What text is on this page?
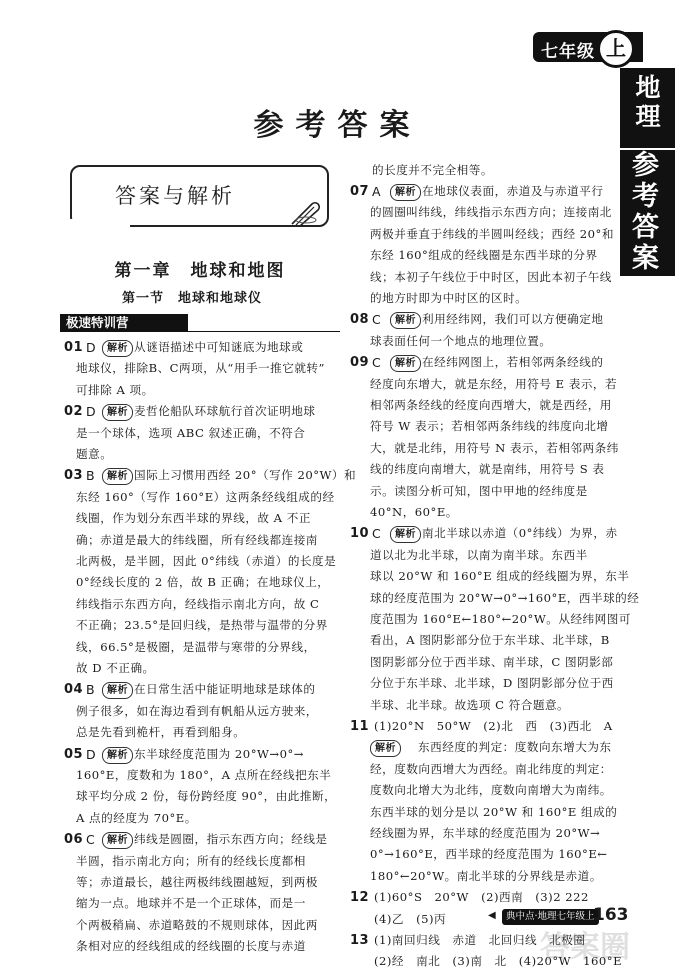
七年级 上
地理
参考答案
参考答案
答案与解析
第一章　地球和地图
第一节　地球和地球仪
极速特训营
01 D	解析 从谜语描述中可知谜底为地球或
地球仪，排除B、C两项，从“用手一推它就转”
可排除 A 项。
02 D	解析 麦哲伦船队环球航行首次证明地球
是一个球体，选项 ABC 叙述正确，不符合
题意。
03 B	解析 国际上习惯用西经 20°（写作 20°W）和
东经 160°（写作 160°E）这两条经线组成的经
线圈，作为划分东西半球的界线，故 A 不正
确；赤道是最大的纬线圈，所有经线都连接南
北两极，是半圆，因此 0°纬线（赤道）的长度是
0°经线长度的 2 倍，故 B 正确；在地球仪上，
纬线指示东西方向，经线指示南北方向，故 C
不正确；23.5°是回归线，是热带与温带的分界
线，66.5°是极圈，是温带与寒带的分界线，
故 D 不正确。
04 B	解析 在日常生活中能证明地球是球体的
例子很多，如在海边看到有帆船从远方驶来，
总是先看到桅杆，再看到船身。
05 D	解析 东半球经度范围为 20°W→0°→
160°E，度数和为 180°，A 点所在经线把东半
球平均分成 2 份，每份跨经度 90°，由此推断，
A 点的经度为 70°E。
06 C	解析 纬线是圆圈，指示东西方向；经线是
半圆，指示南北方向；所有的经线长度都相
等；赤道最长，越往两极纬线圈越短，到两极
缩为一点。地球并不是一个正球体，而是一
个两极稍扁、赤道略鼓的不规则球体，因此两
条相对应的经线组成的经线圈的长度与赤道
的长度并不完全相等。
07 A	解析 在地球仪表面，赤道及与赤道平行
的圆圈叫纬线，纬线指示东西方向；连接南北
两极并垂直于纬线的半圆叫经线；西经 20°和
东经 160°组成的经线圈是东西半球的分界
线；本初子午线位于中时区，因此本初子午线
的地方时即为中时区的区时。
08 C	解析 利用经纬网，我们可以方便确定地
球表面任何一个地点的地理位置。
09 C	解析 在经纬网图上，若相邻两条经线的
经度向东增大，就是东经，用符号 E 表示，若
相邻两条经线的经度向西增大，就是西经，用
符号 W 表示；若相邻两条纬线的纬度向北增
大，就是北纬，用符号 N 表示，若相邻两条纬
线的纬度向南增大，就是南纬，用符号 S 表
示。读图分析可知，图中甲地的经纬度是
40°N，60°E。
10 C	解析 南北半球以赤道（0°纬线）为界，赤
道以北为北半球，以南为南半球。东西半
球以 20°W 和 160°E 组成的经线圈为界，东半
球的经度范围为 20°W→0°→160°E，西半球的经
度范围为 160°E←180°←20°W。从经纬网图可
看出，A 图阴影部分位于东半球、北半球，B
图阴影部分位于西半球、南半球，C 图阴影部
分位于东半球、北半球，D 图阴影部分位于西
半球、北半球。故选项 C 符合题意。
11 (1)20°N　50°W　(2)北　西　(3)西北　A
解析	东西经度的判定：度数向东增大为东
经，度数向西增大为西经。南北纬度的判定：
度数向北增大为北纬，度数向南增大为南纬。
东西半球的划分是以 20°W 和 160°E 组成的
经线圈为界，东半球的经度范围为 20°W→
0°→160°E，西半球的经度范围为 160°E←
180°←20°W。南北半球的分界线是赤道。
12 (1)60°S　20°W　(2)西南　(3)2 222
(4)乙　(5)丙
13 (1)南回归线　赤道　北回归线　北极圈
(2)经　南北　(3)南　北　(4)20°W　160°E
◀	典中点·地理七年级上
163
答案圈
